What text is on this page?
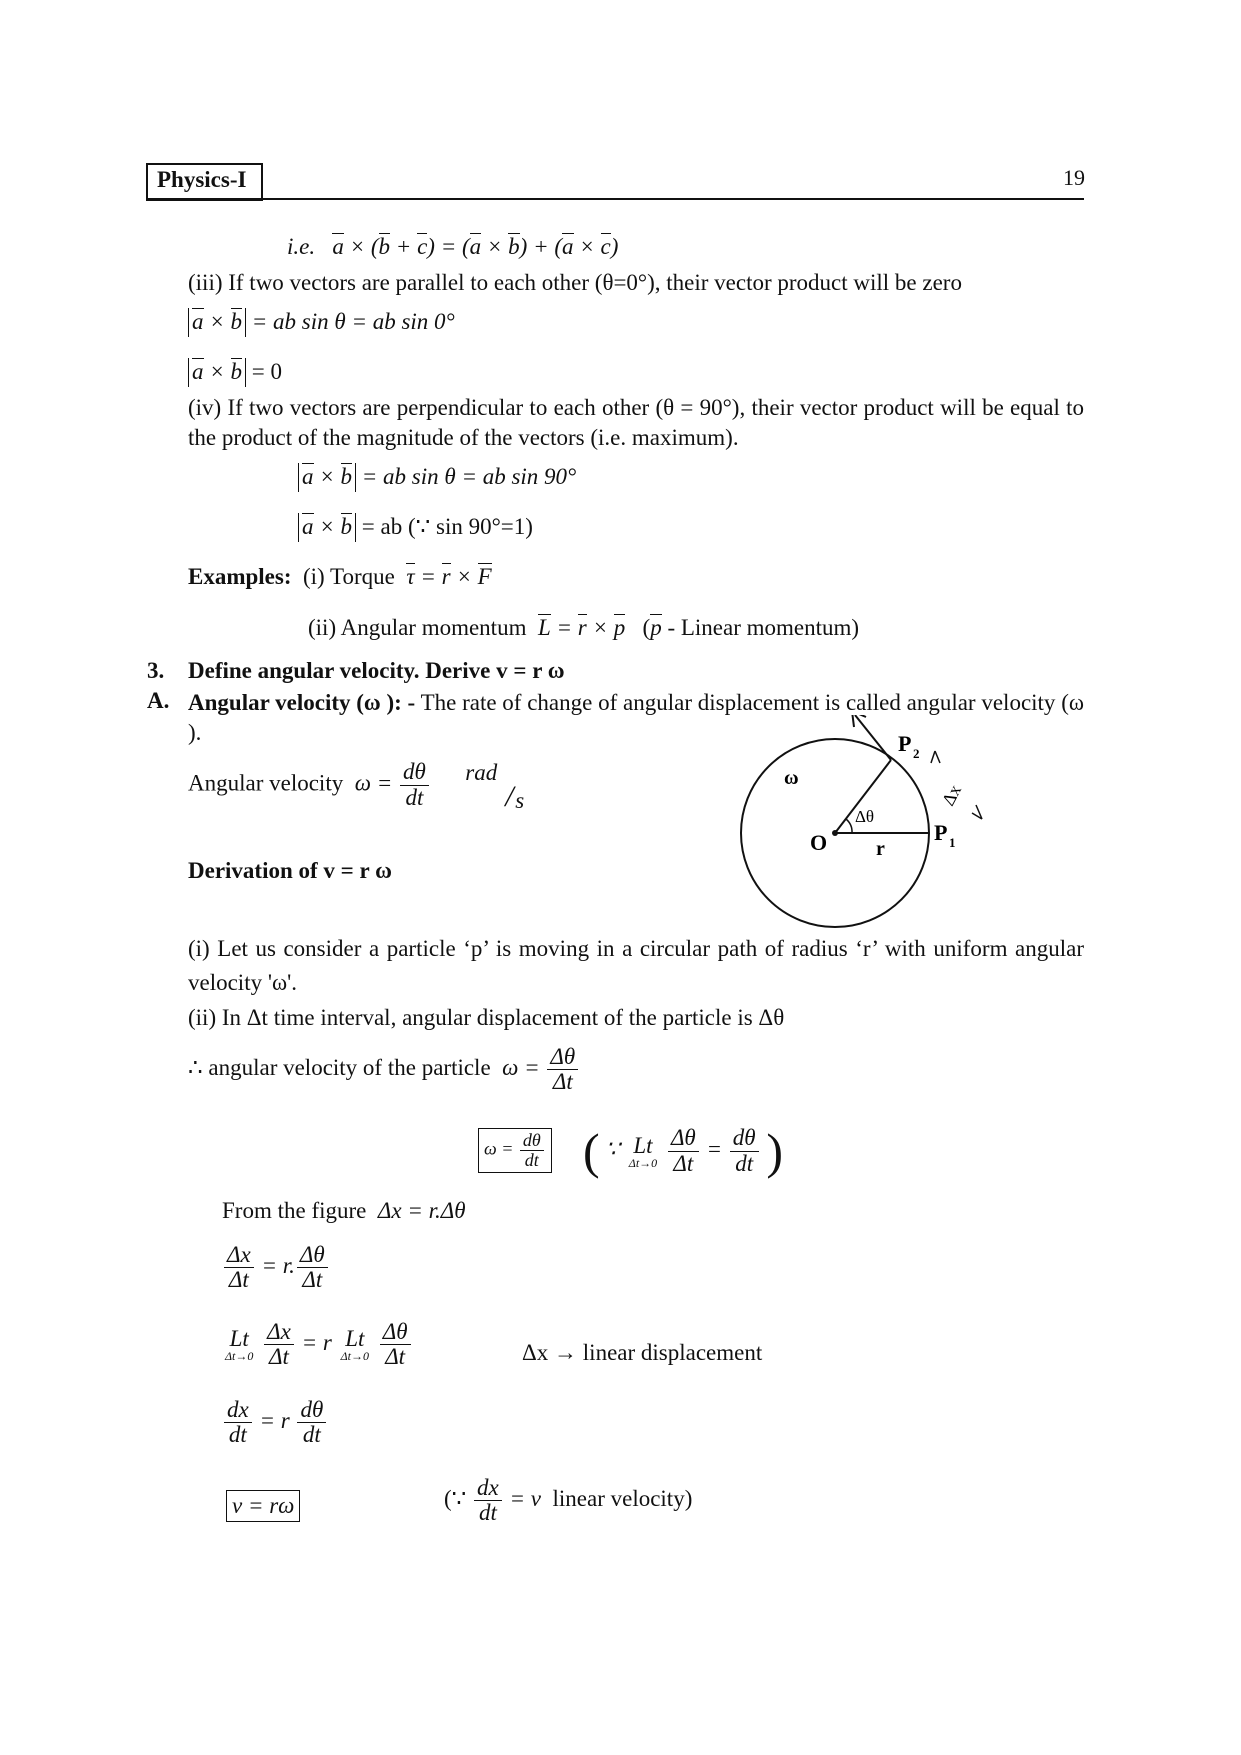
Physics-I	19
i.e. a × (b + c) = (a × b) + (a × c)

(iii) If two vectors are parallel to each other (θ=0°), their vector product will be zero

a × b = ab sin θ = ab sin 0°
a × b = 0

(iv) If two vectors are perpendicular to each other (θ = 90°), their vector product will be equal to the product of the magnitude of the vectors (i.e. maximum).

a × b = ab sin θ = ab sin 90°
a × b = ab (∵ sin 90°=1)
Examples: (i) Torque τ = r × F
(ii) Angular momentum L = r × p   (p - Linear momentum)
3. Define angular velocity. Derive v = r ω
A. Angular velocity (ω ): - The rate of change of angular displacement is called angular velocity (ω ).

Angular velocity $\omega = \frac{d\theta}{dt}$
rad
/ s
ω
O r
Δθ
P 1
P 2
Δx
Derivation of v = r ω

(i) Let us consider a particle ‘p’ is moving in a circular path of radius ‘r’ with uniform angular velocity 'ω'.

(ii) In Δt time interval, angular displacement of the particle is Δθ
∴ angular velocity of the particle $\omega = \frac{\Delta\theta}{\Delta t}$
$\omega = \frac{d\theta}{dt}$ ( ∵ Lt
Δt→0
$\frac{\Delta\theta}{\Delta t} = \frac{d\theta}{dt}$ )
From the figure Δx = r.Δθ
$\frac{\Delta x}{\Delta t} = r$. $\frac{\Delta\theta}{\Delta t}$
Lt
Δt→0
$\frac{\Delta x}{\Delta t} = r$ Lt
Δt→0
$\frac{\Delta\theta}{\Delta t}$	Δx → linear displacement
$\frac{dx}{dt} = r \frac{d\theta}{dt}$
v = rω	(∵ $\frac{dx}{dt} = v$ linear velocity)
